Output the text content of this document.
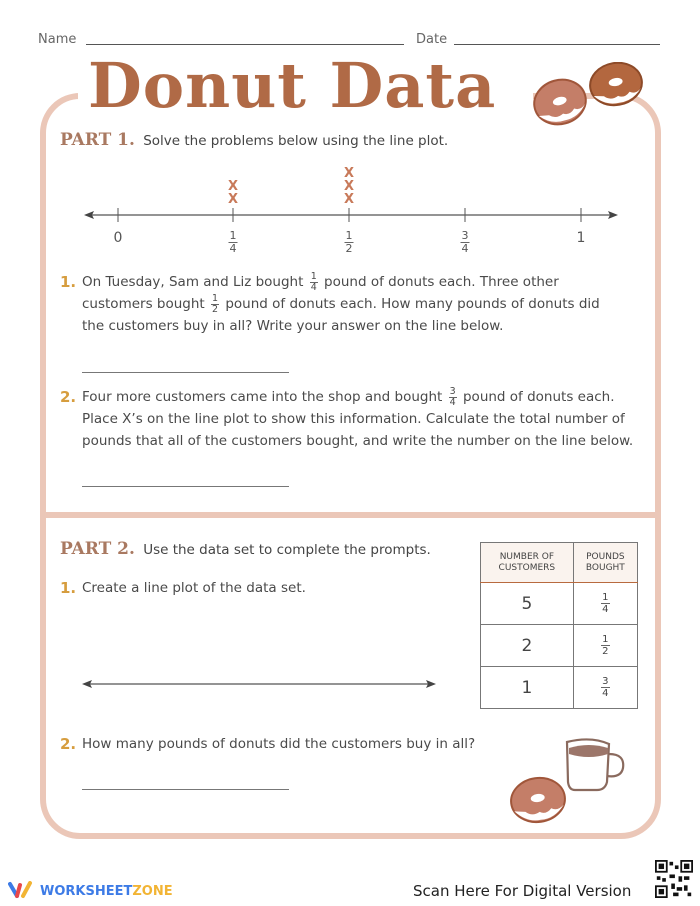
Name	Date
Donut Data
PART 1. Solve the problems below using the line plot.
0	$\frac{1}{4}$	$\frac{1}{2}$	$\frac{3}{4}$	1
X
X
X
X
X
1. On Tuesday, Sam and Liz bought $\frac{1}{4}$ pound of donuts each. Three other
customers bought $\frac{1}{2}$ pound of donuts each. How many pounds of donuts did
the customers buy in all? Write your answer on the line below.
2. Four more customers came into the shop and bought $\frac{3}{4}$ pound of donuts each.
Place X’s on the line plot to show this information. Calculate the total number of
pounds that all of the customers bought, and write the number on the line below.
PART 2. Use the data set to complete the prompts.
1. Create a line plot of the data set.
NUMBER OF
CUSTOMERS	POUNDS
BOUGHT
5	$\frac{1}{4}$

2	$\frac{1}{2}$

1	$\frac{3}{4}$
2. How many pounds of donuts did the customers buy in all?
WORKSHEETZONE	Scan Here For Digital Version
